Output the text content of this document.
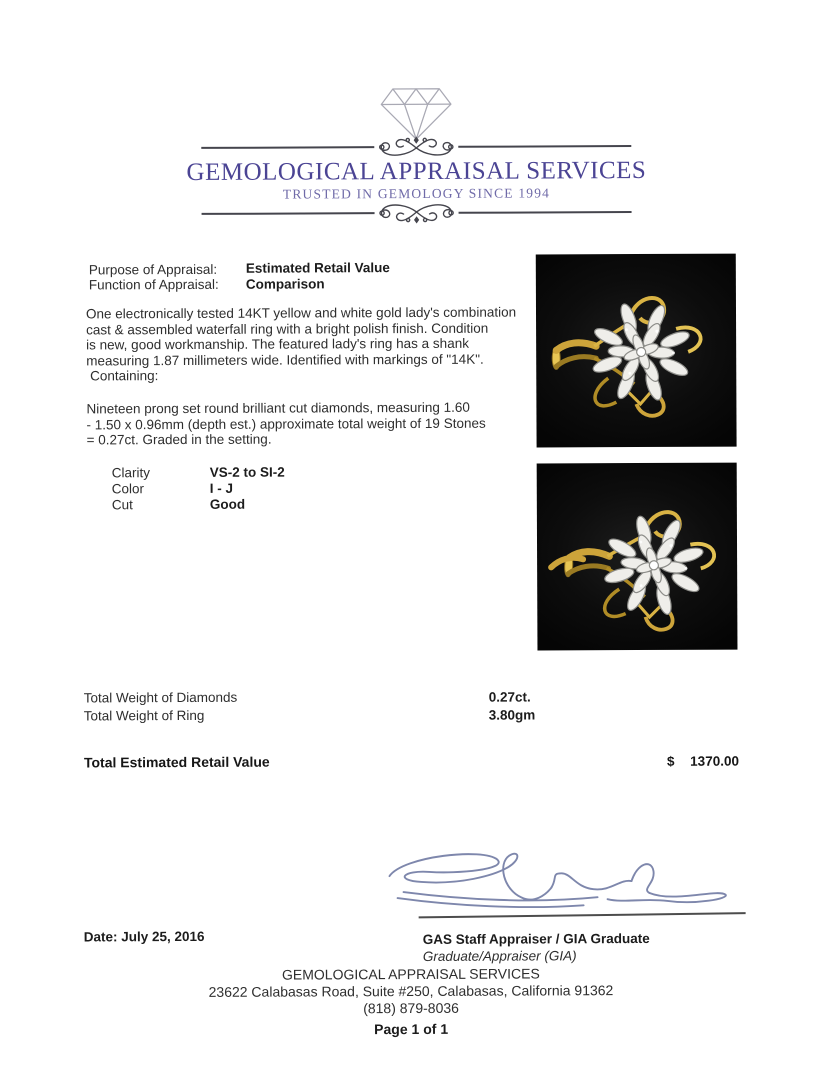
GEMOLOGICAL APPRAISAL SERVICES
TRUSTED IN GEMOLOGY SINCE 1994
Purpose of Appraisal: Estimated Retail Value
Function of Appraisal: Comparison
One electronically tested 14KT yellow and white gold lady's combination
cast & assembled waterfall ring with a bright polish finish. Condition
is new, good workmanship. The featured lady's ring has a shank
measuring 1.87 millimeters wide. Identified with markings of "14K".
Containing:
Nineteen prong set round brilliant cut diamonds, measuring 1.60
- 1.50 x 0.96mm (depth est.) approximate total weight of 19 Stones
= 0.27ct. Graded in the setting.
Clarity	VS-2 to SI-2
Color	I - J
Cut	Good
Total Weight of Diamonds	0.27ct.
Total Weight of Ring	3.80gm
Total Estimated Retail Value	$	1370.00
Date: July 25, 2016	GAS Staff Appraiser / GIA Graduate
Graduate/Appraiser (GIA)
GEMOLOGICAL APPRAISAL SERVICES
23622 Calabasas Road, Suite #250, Calabasas, California 91362
(818) 879-8036
Page 1 of 1
